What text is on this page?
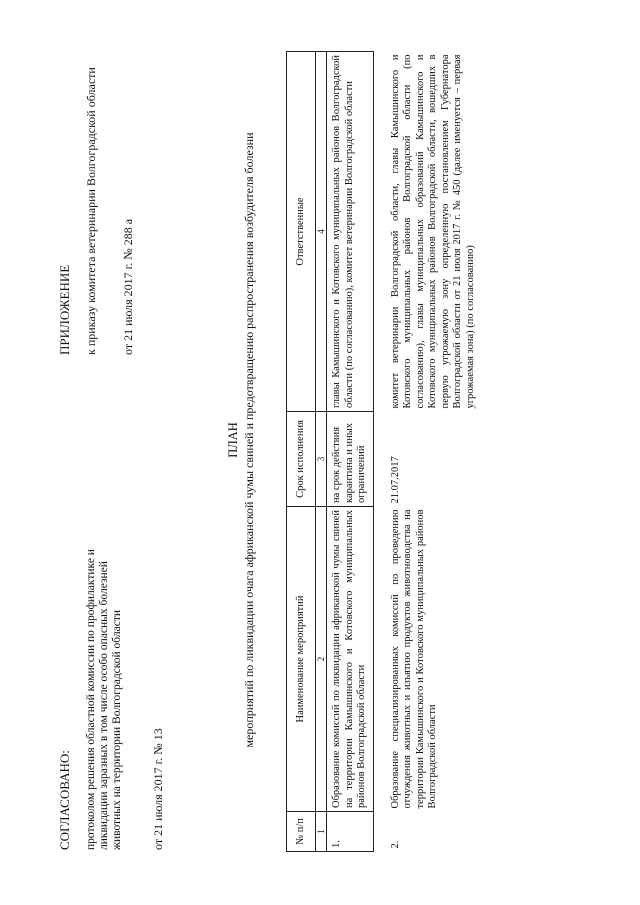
СОГЛАСОВАНО: протоколом решения областной комиссии по профилактике и ликвидации заразных в том числе особо опасных болезней животных на территории Волгоградской области от 21 июля 2017 г. № 13
ПРИЛОЖЕНИЕ к приказу комитета ветеринарии Волгоградской области от 21 июля 2017 г. № 288 а
ПЛАН мероприятий по ликвидации очага африканской чумы свиней и предотвращению распространения возбудителя болезни
№ п/п	Наименование мероприятий	Срок исполнения	Ответственные
1	2	3	4
1.	Образование комиссий по ликвидации африканской чумы свиней на территории Камышинского и Котовского муниципальных районов Волгоградской области	на срок действия карантина и иных ограничений	главы Камышинского и Котовского муниципальных районов Волгоградской области (по согласованию), комитет ветеринарии Волгоградской области
2.	Образование специализированных комиссий по проведению отчуждения животных и изъятию продуктов животноводства на территории Камышинского и Котовского муниципальных районов Волгоградской области	21.07.2017	комитет ветеринарии Волгоградской области, главы Камышинского и Котовского муниципальных районов Волгоградской области (по согласованию), главы муниципальных образований Камышинского и Котовского муниципальных районов Волгоградской области, вошедших в первую угрожаемую зону определенную постановлением Губернатора Волгоградской области от 21 июля 2017 г. № 450 (далее именуется – первая угрожаемая зона) (по согласованию)
